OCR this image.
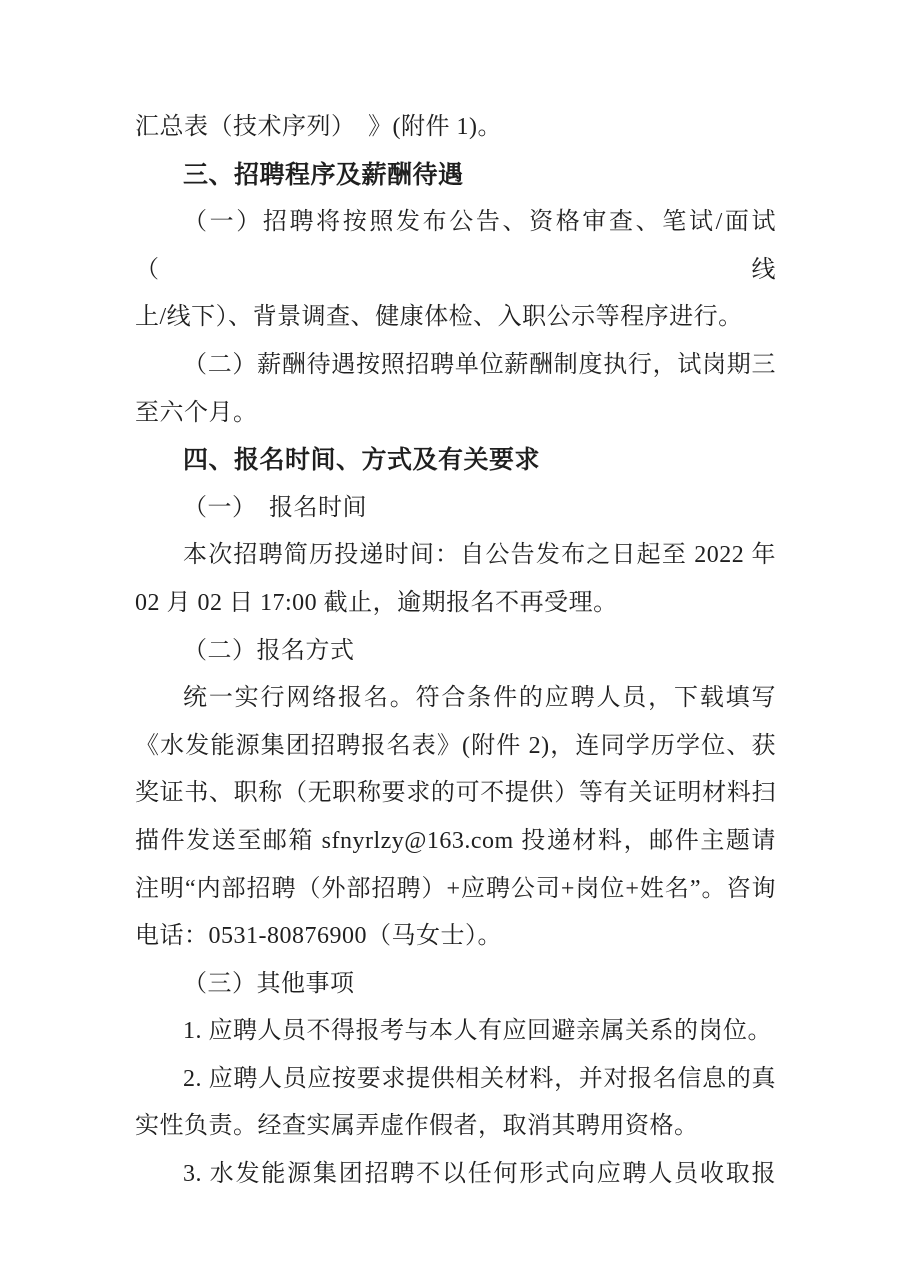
汇总表（技术序列）　》(附件 1)。
三、招聘程序及薪酬待遇
（一）招聘将按照发布公告、资格审查、笔试/面试（线
上/线下）、背景调查、健康体检、入职公示等程序进行。
（二）薪酬待遇按照招聘单位薪酬制度执行，试岗期三
至六个月。
四、报名时间、方式及有关要求
（一）　报名时间
本次招聘简历投递时间：自公告发布之日起至 2022 年
02 月 02 日 17:00 截止，逾期报名不再受理。
（二）报名方式
统一实行网络报名。符合条件的应聘人员，下载填写
《水发能源集团招聘报名表》(附件 2)，连同学历学位、获
奖证书、职称（无职称要求的可不提供）等有关证明材料扫
描件发送至邮箱 sfnyrlzy@163.com 投递材料，邮件主题请
注明“内部招聘（外部招聘）+应聘公司+岗位+姓名”。咨询
电话：0531-80876900（马女士）。
（三）其他事项
1. 应聘人员不得报考与本人有应回避亲属关系的岗位。
2. 应聘人员应按要求提供相关材料，并对报名信息的真
实性负责。经查实属弄虚作假者，取消其聘用资格。
3. 水发能源集团招聘不以任何形式向应聘人员收取报
